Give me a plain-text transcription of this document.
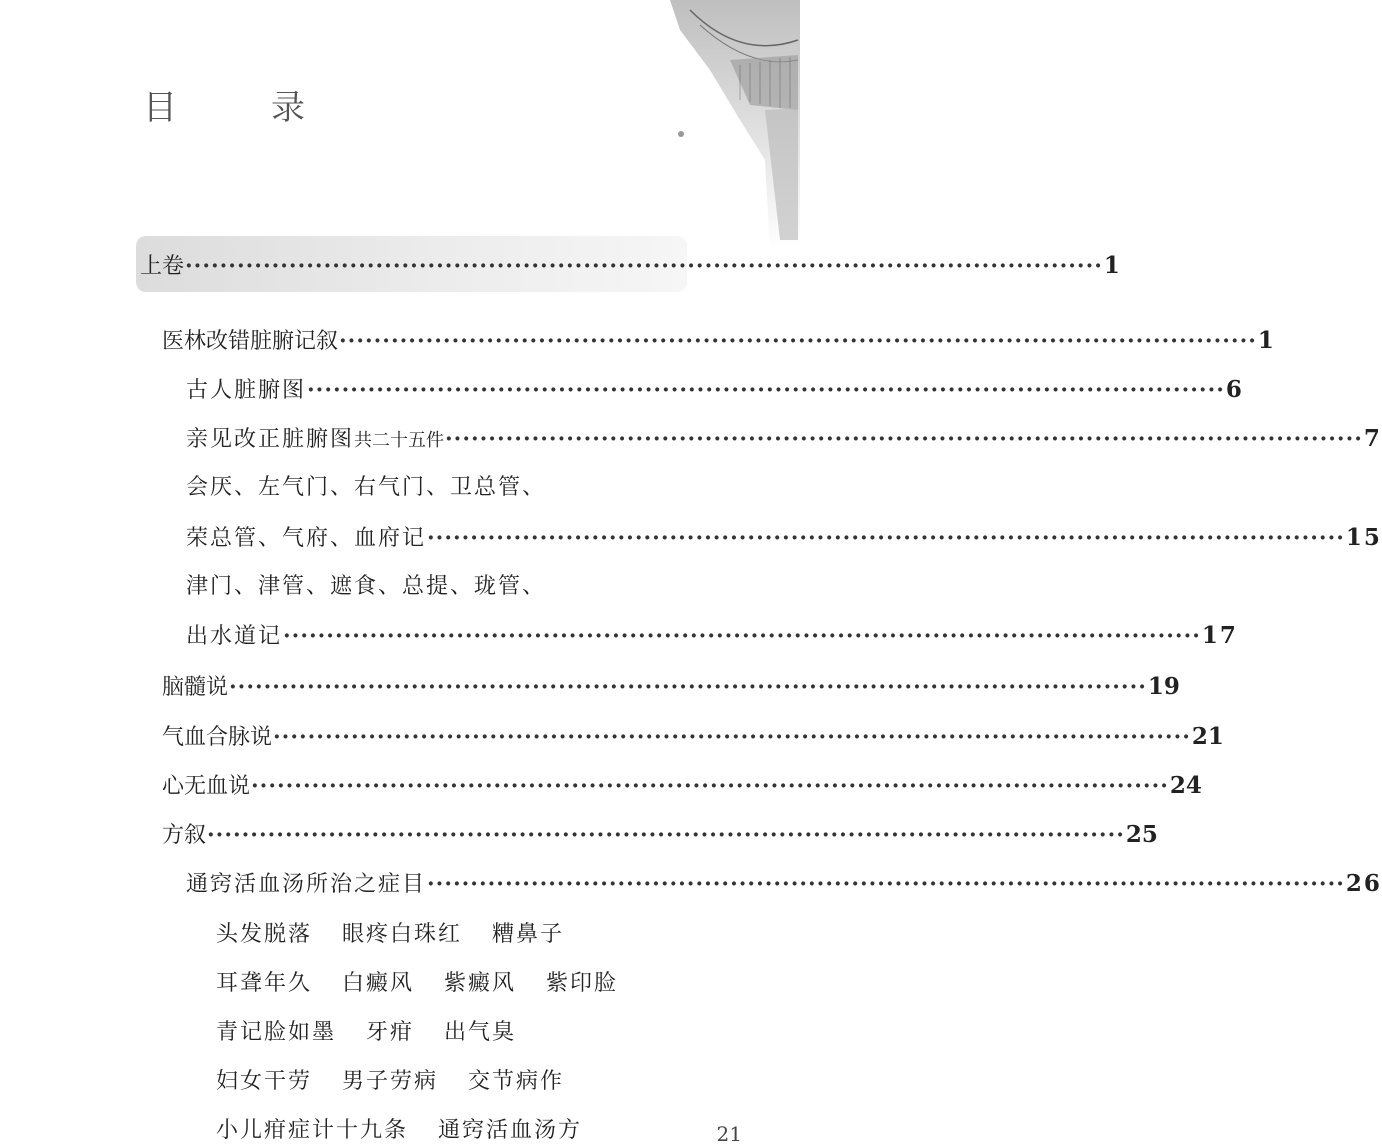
目　录
上卷 ·········································································································· 1
医林改错脏腑记叙 ·········································································································· 1
古人脏腑图 ·········································································································· 6
亲见改正脏腑图 共二十五件 ·········································································································· 7
会厌、左气门、右气门、卫总管、
荣总管、气府、血府记 ·········································································································· 15
津门、津管、遮食、总提、珑管、
出水道记 ·········································································································· 17
脑髓说 ·········································································································· 19
气血合脉说 ·········································································································· 21
心无血说 ·········································································································· 24
方叙 ·········································································································· 25
通窍活血汤所治之症目 ·········································································································· 26
头发脱落 眼疼白珠红 糟鼻子
耳聋年久 白癜风 紫癜风 紫印脸
青记脸如墨 牙疳 出气臭
妇女干劳 男子劳病 交节病作
小儿疳症计十九条 通窍活血汤方	21
